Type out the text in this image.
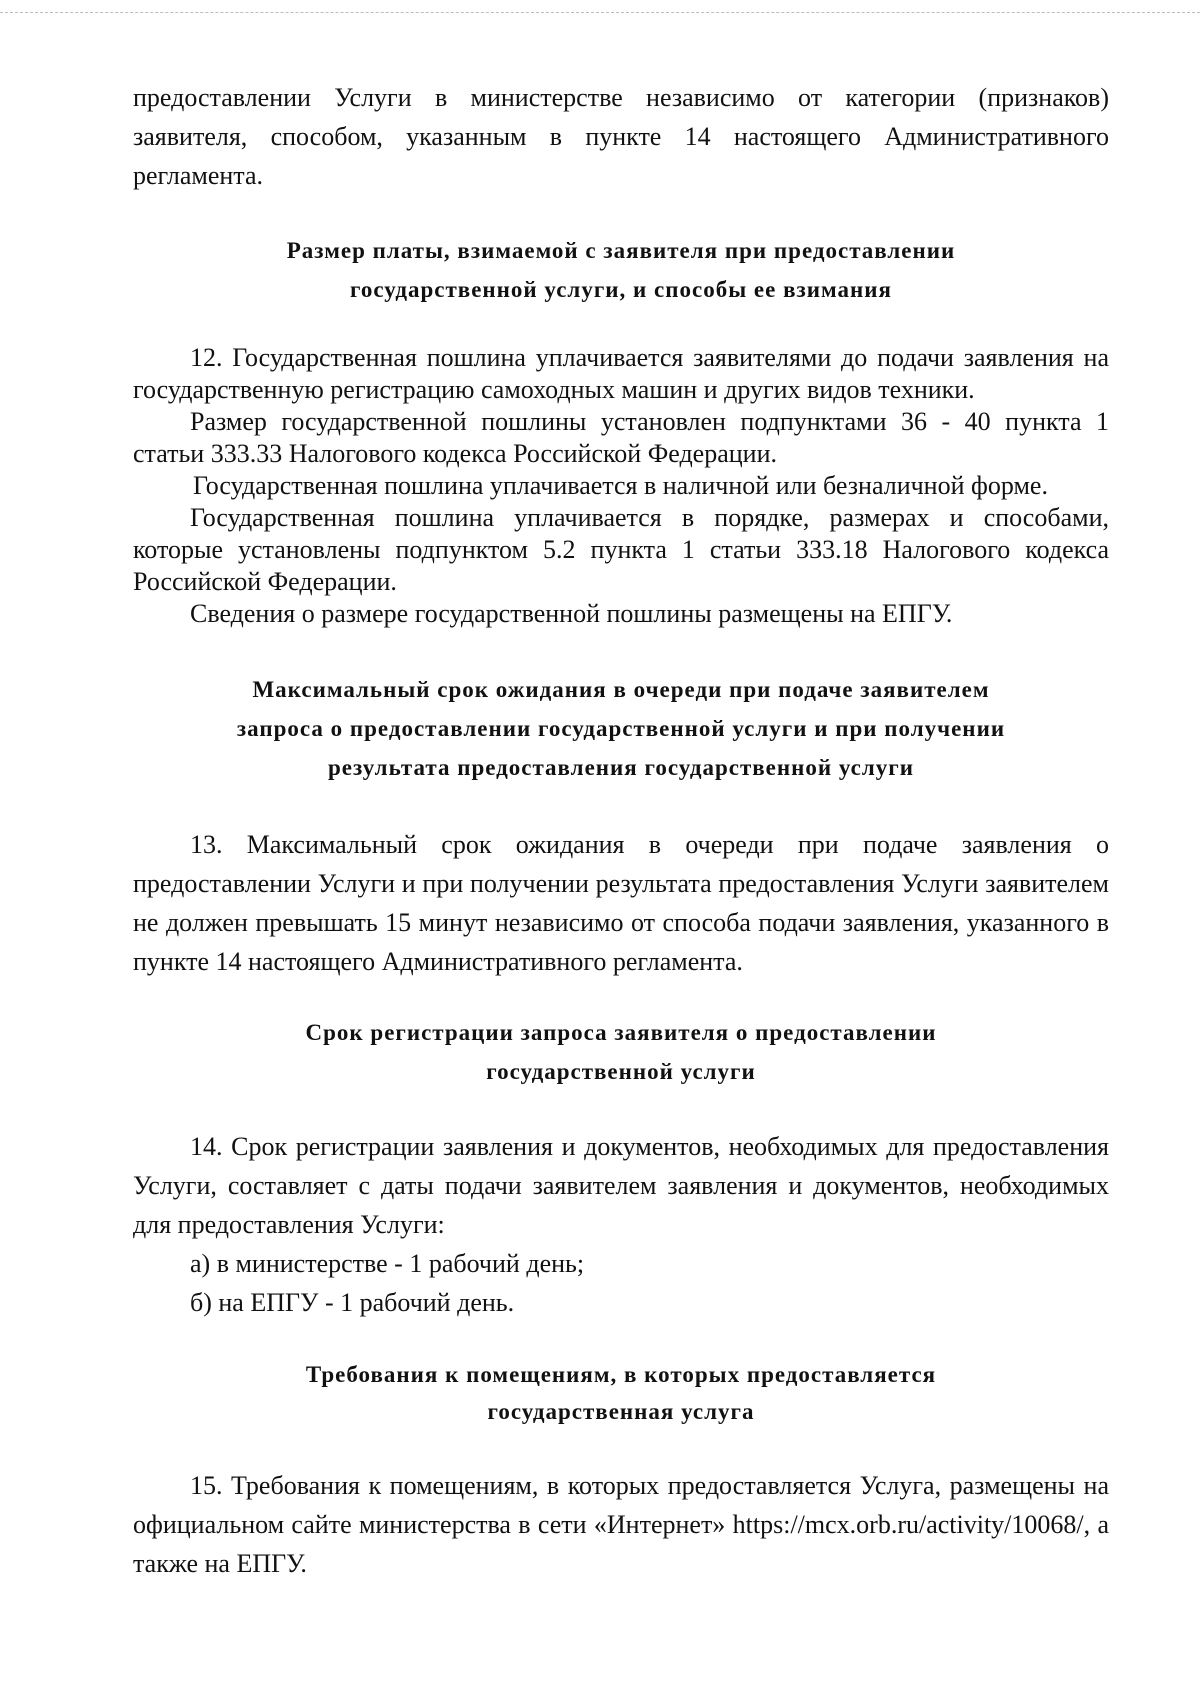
предоставлении Услуги в министерстве независимо от категории (признаков) заявителя, способом, указанным в пункте 14 настоящего Административного регламента.

Размер платы, взимаемой с заявителя при предоставлении
государственной услуги, и способы ее взимания

12. Государственная пошлина уплачивается заявителями до подачи заявления на государственную регистрацию самоходных машин и других видов техники.

Размер государственной пошлины установлен подпунктами 36 - 40 пункта 1 статьи 333.33 Налогового кодекса Российской Федерации.

Государственная пошлина уплачивается в наличной или безналичной форме.

Государственная пошлина уплачивается в порядке, размерах и способами, которые установлены подпунктом 5.2 пункта 1 статьи 333.18 Налогового кодекса Российской Федерации.

Сведения о размере государственной пошлины размещены на ЕПГУ.

Максимальный срок ожидания в очереди при подаче заявителем
запроса о предоставлении государственной услуги и при получении
результата предоставления государственной услуги

13. Максимальный срок ожидания в очереди при подаче заявления о предоставлении Услуги и при получении результата предоставления Услуги заявителем не должен превышать 15 минут независимо от способа подачи заявления, указанного в пункте 14 настоящего Административного регламента.

Срок регистрации запроса заявителя о предоставлении
государственной услуги

14. Срок регистрации заявления и документов, необходимых для предоставления Услуги, составляет с даты подачи заявителем заявления и документов, необходимых для предоставления Услуги:

а) в министерстве - 1 рабочий день;

б) на ЕПГУ - 1 рабочий день.

Требования к помещениям, в которых предоставляется
государственная услуга

15. Требования к помещениям, в которых предоставляется Услуга, размещены на официальном сайте министерства в сети «Интернет» https://mcx.orb.ru/activity/10068/, а также на ЕПГУ.
